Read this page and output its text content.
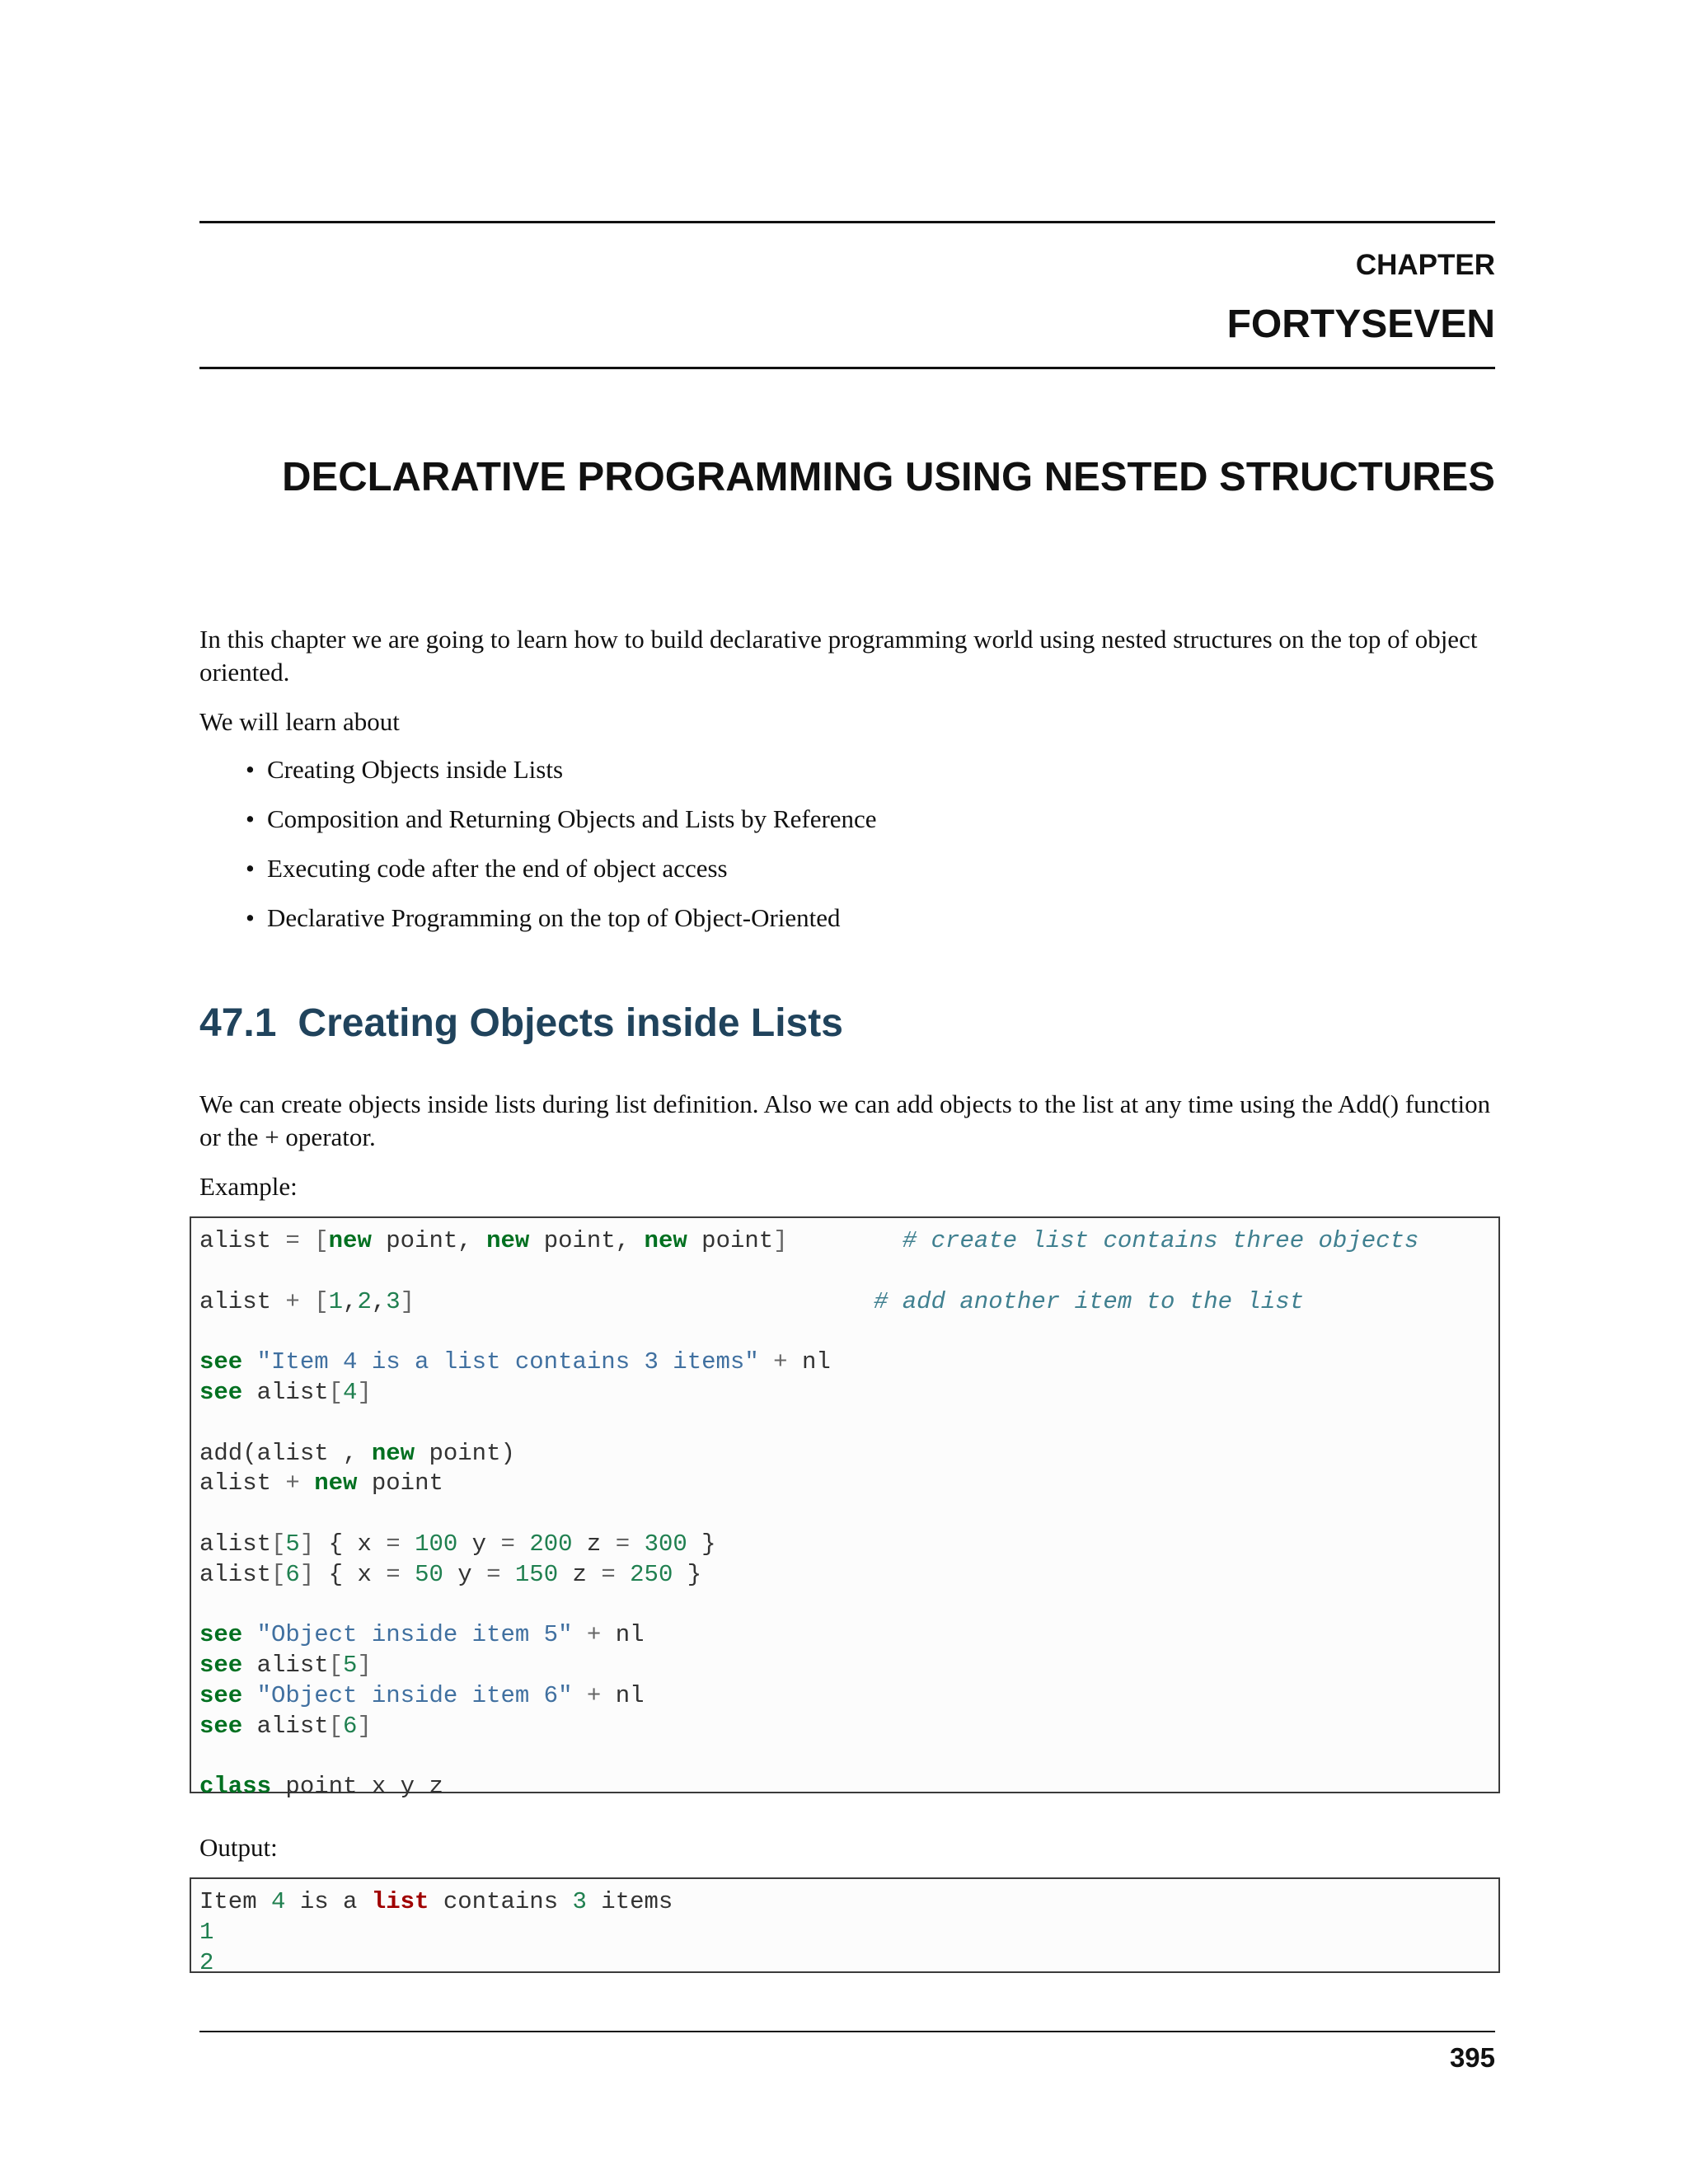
CHAPTER
FORTYSEVEN
DECLARATIVE PROGRAMMING USING NESTED STRUCTURES

In this chapter we are going to learn how to build declarative programming world using nested structures on the top of object oriented.

We will learn about

• Creating Objects inside Lists
• Composition and Returning Objects and Lists by Reference
• Executing code after the end of object access
• Declarative Programming on the top of Object-Oriented
47.1 Creating Objects inside Lists

We can create objects inside lists during list definition. Also we can add objects to the list at any time using the Add() function or the + operator.

Example:

alist = [new point, new point, new point]	# create list contains three objects
alist + [1,2,3]	# add another item to the list
see "Item 4 is a list contains 3 items" + nl
see alist[4]
add(alist , new point)
alist + new point
alist[5] { x = 100 y = 200 z = 300 }
alist[6] { x = 50 y = 150 z = 250 }
see "Object inside item 5" + nl
see alist[5]
see "Object inside item 6" + nl
see alist[6]
class point x y z

Output:

Item 4 is a list contains 3 items
1
2
395
